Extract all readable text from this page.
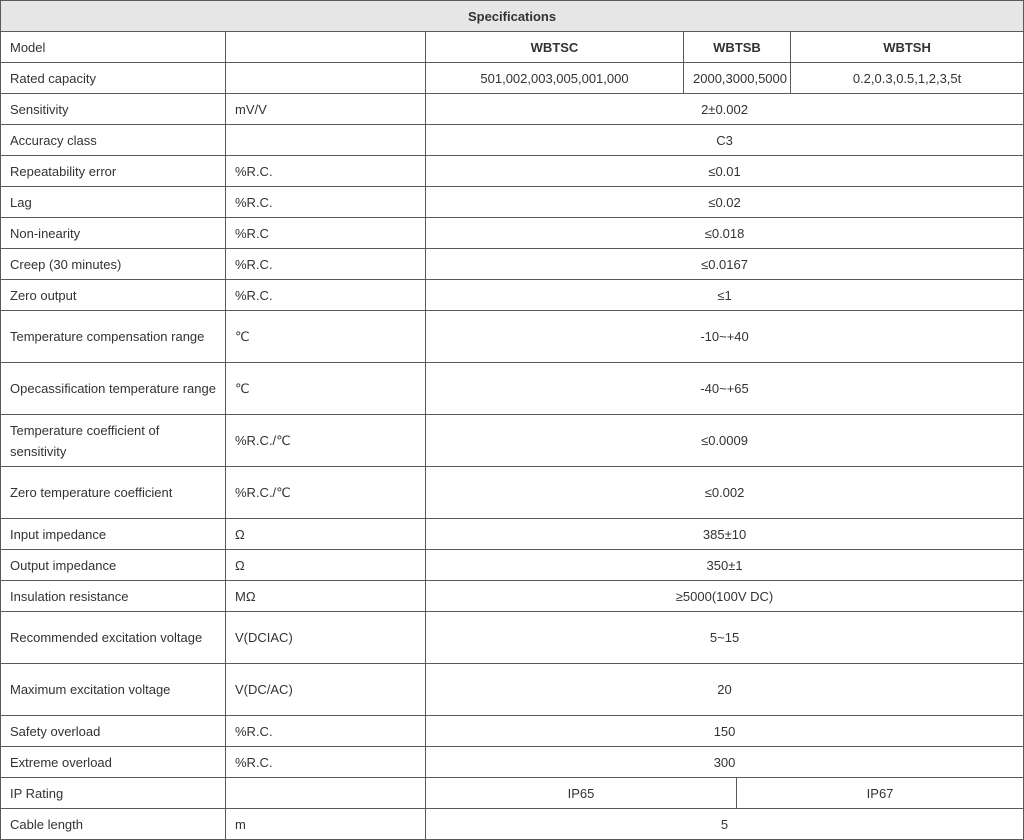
Specifications					
Model		WBTSC	WBTSB		WBTSH
Rated capacity		501,002,003,005,001,000	2000,3000,5000		0.2,0.3,0.5,1,2,3,5t
Sensitivity	mV/V	2±0.002			
Accuracy class		C3			
Repeatability error	%R.C.	≤0.01			
Lag	%R.C.	≤0.02			
Non-inearity	%R.C	≤0.018			
Creep (30 minutes)	%R.C.	≤0.0167			
Zero output	%R.C.	≤1			
Temperature compensation range	℃	-10~+40			
Opecassification temperature range	℃	-40~+65			
Temperature coefficient of sensitivity	%R.C./℃	≤0.0009			
Zero temperature coefficient	%R.C./℃	≤0.002			
Input impedance	Ω	385±10			
Output impedance	Ω	350±1			
Insulation resistance	MΩ	≥5000(100V DC)			
Recommended excitation voltage	V(DCIAC)	5~15			
Maximum excitation voltage	V(DC/AC)	20			
Safety overload	%R.C.	150			
Extreme overload	%R.C.	300			
IP Rating		IP65		IP67	
Cable length	m	5			
